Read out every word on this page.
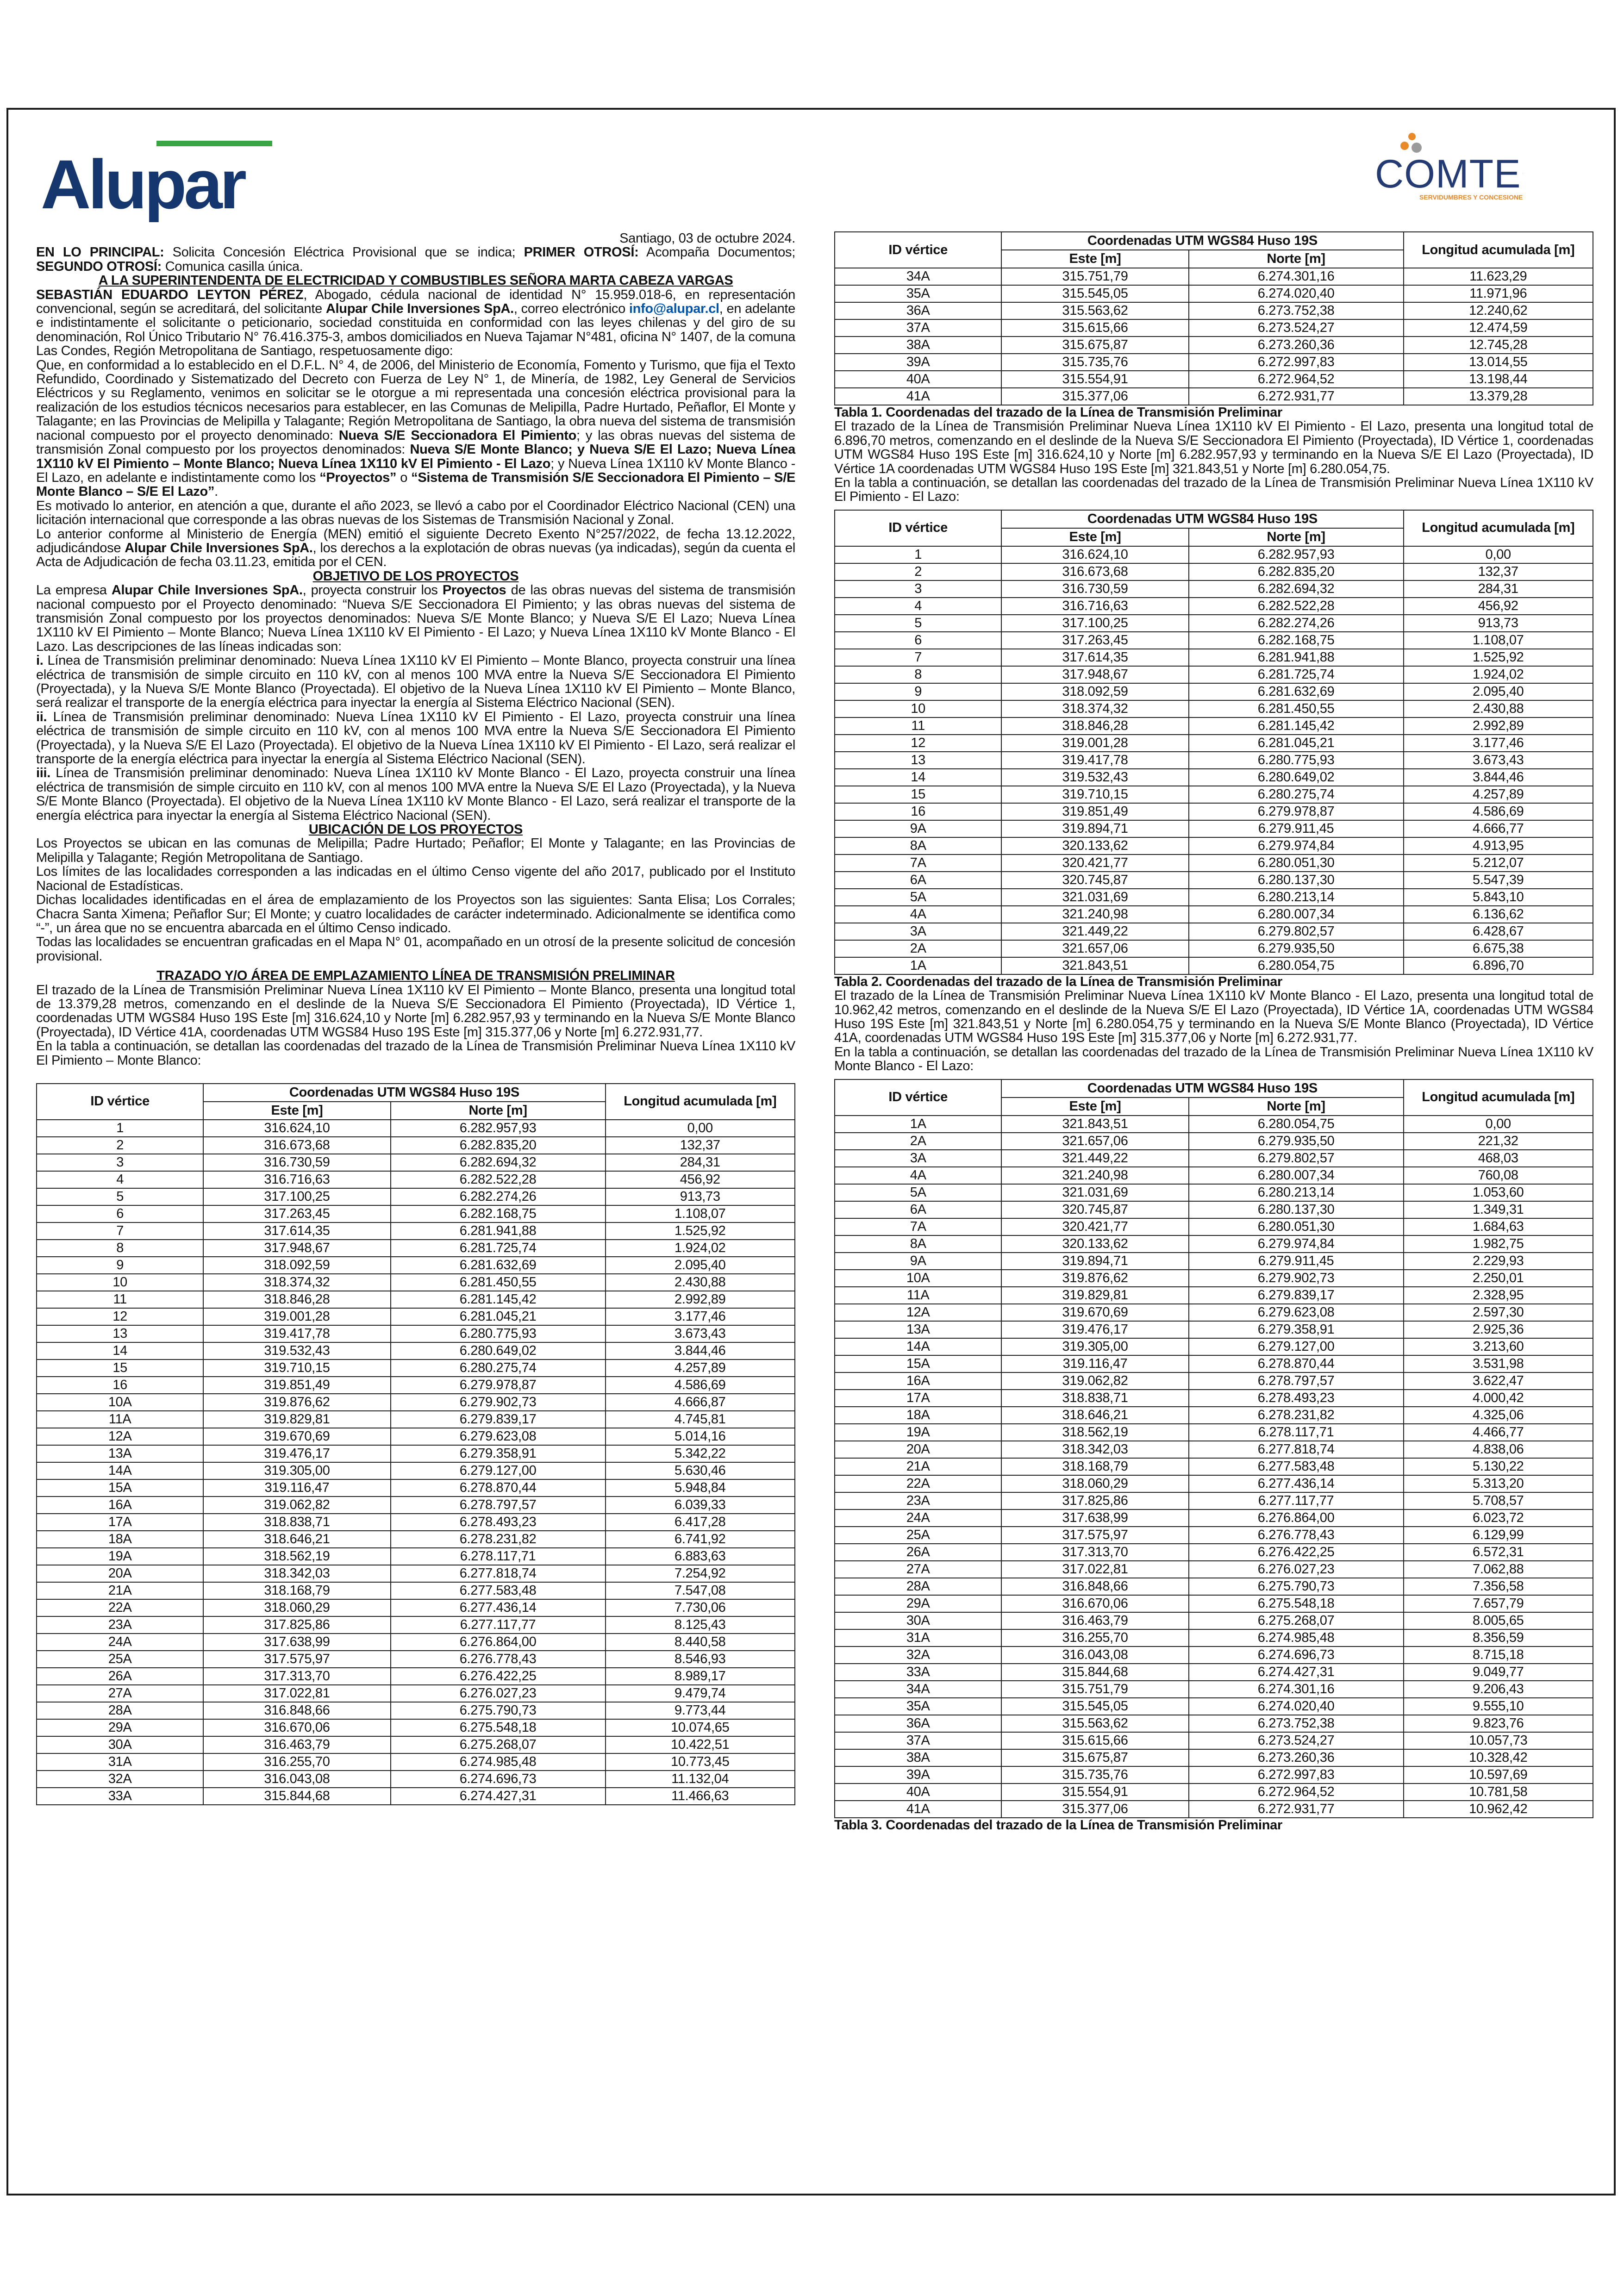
Alupar	COMTE
SERVIDUMBRES Y CONCESIONES

Santiago, 03 de octubre 2024.

EN LO PRINCIPAL: Solicita Concesión Eléctrica Provisional que se indica; PRIMER OTROSÍ: Acompaña Documentos; SEGUNDO OTROSÍ: Comunica casilla única.

A LA SUPERINTENDENTA DE ELECTRICIDAD Y COMBUSTIBLES SEÑORA MARTA CABEZA VARGAS

SEBASTIÁN EDUARDO LEYTON PÉREZ, Abogado, cédula nacional de identidad N° 15.959.018-6, en representación convencional, según se acreditará, del solicitante Alupar Chile Inversiones SpA., correo electrónico info@alupar.cl, en adelante e indistintamente el solicitante o peticionario, sociedad constituida en conformidad con las leyes chilenas y del giro de su denominación, Rol Único Tributario N° 76.416.375-3, ambos domiciliados en Nueva Tajamar N°481, oficina N° 1407, de la comuna Las Condes, Región Metropolitana de Santiago, respetuosamente digo:

Que, en conformidad a lo establecido en el D.F.L. N° 4, de 2006, del Ministerio de Economía, Fomento y Turismo, que fija el Texto Refundido, Coordinado y Sistematizado del Decreto con Fuerza de Ley N° 1, de Minería, de 1982, Ley General de Servicios Eléctricos y su Reglamento, venimos en solicitar se le otorgue a mi representada una concesión eléctrica provisional para la realización de los estudios técnicos necesarios para establecer, en las Comunas de Melipilla, Padre Hurtado, Peñaflor, El Monte y Talagante; en las Provincias de Melipilla y Talagante; Región Metropolitana de Santiago, la obra nueva del sistema de transmisión nacional compuesto por el proyecto denominado: Nueva S/E Seccionadora El Pimiento; y las obras nuevas del sistema de transmisión Zonal compuesto por los proyectos denominados: Nueva S/E Monte Blanco; y Nueva S/E El Lazo; Nueva Línea 1X110 kV El Pimiento – Monte Blanco; Nueva Línea 1X110 kV El Pimiento - El Lazo; y Nueva Línea 1X110 kV Monte Blanco - El Lazo, en adelante e indistintamente como los “Proyectos” o “Sistema de Transmisión S/E Seccionadora El Pimiento – S/E Monte Blanco – S/E El Lazo”.

Es motivado lo anterior, en atención a que, durante el año 2023, se llevó a cabo por el Coordinador Eléctrico Nacional (CEN) una licitación internacional que corresponde a las obras nuevas de los Sistemas de Transmisión Nacional y Zonal.

Lo anterior conforme al Ministerio de Energía (MEN) emitió el siguiente Decreto Exento N°257/2022, de fecha 13.12.2022, adjudicándose Alupar Chile Inversiones SpA., los derechos a la explotación de obras nuevas (ya indicadas), según da cuenta el Acta de Adjudicación de fecha 03.11.23, emitida por el CEN.

OBJETIVO DE LOS PROYECTOS

La empresa Alupar Chile Inversiones SpA., proyecta construir los Proyectos de las obras nuevas del sistema de transmisión nacional compuesto por el Proyecto denominado: “Nueva S/E Seccionadora El Pimiento; y las obras nuevas del sistema de transmisión Zonal compuesto por los proyectos denominados: Nueva S/E Monte Blanco; y Nueva S/E El Lazo; Nueva Línea 1X110 kV El Pimiento – Monte Blanco; Nueva Línea 1X110 kV El Pimiento - El Lazo; y Nueva Línea 1X110 kV Monte Blanco - El Lazo. Las descripciones de las líneas indicadas son:

i. Línea de Transmisión preliminar denominado: Nueva Línea 1X110 kV El Pimiento – Monte Blanco, proyecta construir una línea eléctrica de transmisión de simple circuito en 110 kV, con al menos 100 MVA entre la Nueva S/E Seccionadora El Pimiento (Proyectada), y la Nueva S/E Monte Blanco (Proyectada). El objetivo de la Nueva Línea 1X110 kV El Pimiento – Monte Blanco, será realizar el transporte de la energía eléctrica para inyectar la energía al Sistema Eléctrico Nacional (SEN).

ii. Línea de Transmisión preliminar denominado: Nueva Línea 1X110 kV El Pimiento - El Lazo, proyecta construir una línea eléctrica de transmisión de simple circuito en 110 kV, con al menos 100 MVA entre la Nueva S/E Seccionadora El Pimiento (Proyectada), y la Nueva S/E El Lazo (Proyectada). El objetivo de la Nueva Línea 1X110 kV El Pimiento - El Lazo, será realizar el transporte de la energía eléctrica para inyectar la energía al Sistema Eléctrico Nacional (SEN).

iii. Línea de Transmisión preliminar denominado: Nueva Línea 1X110 kV Monte Blanco - El Lazo, proyecta construir una línea eléctrica de transmisión de simple circuito en 110 kV, con al menos 100 MVA entre la Nueva S/E El Lazo (Proyectada), y la Nueva S/E Monte Blanco (Proyectada). El objetivo de la Nueva Línea 1X110 kV Monte Blanco - El Lazo, será realizar el transporte de la energía eléctrica para inyectar la energía al Sistema Eléctrico Nacional (SEN).

UBICACIÓN DE LOS PROYECTOS

Los Proyectos se ubican en las comunas de Melipilla; Padre Hurtado; Peñaflor; El Monte y Talagante; en las Provincias de Melipilla y Talagante; Región Metropolitana de Santiago.

Los límites de las localidades corresponden a las indicadas en el último Censo vigente del año 2017, publicado por el Instituto Nacional de Estadísticas.

Dichas localidades identificadas en el área de emplazamiento de los Proyectos son las siguientes: Santa Elisa; Los Corrales; Chacra Santa Ximena; Peñaflor Sur; El Monte; y cuatro localidades de carácter indeterminado. Adicionalmente se identifica como “-”, un área que no se encuentra abarcada en el último Censo indicado.

Todas las localidades se encuentran graficadas en el Mapa N° 01, acompañado en un otrosí de la presente solicitud de concesión provisional.

TRAZADO Y/O ÁREA DE EMPLAZAMIENTO LÍNEA DE TRANSMISIÓN PRELIMINAR

El trazado de la Línea de Transmisión Preliminar Nueva Línea 1X110 kV El Pimiento – Monte Blanco, presenta una longitud total de 13.379,28 metros, comenzando en el deslinde de la Nueva S/E Seccionadora El Pimiento (Proyectada), ID Vértice 1, coordenadas UTM WGS84 Huso 19S Este [m] 316.624,10 y Norte [m] 6.282.957,93 y terminando en la Nueva S/E Monte Blanco (Proyectada), ID Vértice 41A, coordenadas UTM WGS84 Huso 19S Este [m] 315.377,06 y Norte [m] 6.272.931,77.

En la tabla a continuación, se detallan las coordenadas del trazado de la Línea de Transmisión Preliminar Nueva Línea 1X110 kV El Pimiento – Monte Blanco:

ID vértice	Coordenadas UTM WGS84 Huso 19S		Longitud acumulada [m]
	Este [m]	Norte [m]	
1	316.624,10	6.282.957,93	0,00
2	316.673,68	6.282.835,20	132,37
3	316.730,59	6.282.694,32	284,31
4	316.716,63	6.282.522,28	456,92
5	317.100,25	6.282.274,26	913,73
6	317.263,45	6.282.168,75	1.108,07
7	317.614,35	6.281.941,88	1.525,92
8	317.948,67	6.281.725,74	1.924,02
9	318.092,59	6.281.632,69	2.095,40
10	318.374,32	6.281.450,55	2.430,88
11	318.846,28	6.281.145,42	2.992,89
12	319.001,28	6.281.045,21	3.177,46
13	319.417,78	6.280.775,93	3.673,43
14	319.532,43	6.280.649,02	3.844,46
15	319.710,15	6.280.275,74	4.257,89
16	319.851,49	6.279.978,87	4.586,69
10A	319.876,62	6.279.902,73	4.666,87
11A	319.829,81	6.279.839,17	4.745,81
12A	319.670,69	6.279.623,08	5.014,16
13A	319.476,17	6.279.358,91	5.342,22
14A	319.305,00	6.279.127,00	5.630,46
15A	319.116,47	6.278.870,44	5.948,84
16A	319.062,82	6.278.797,57	6.039,33
17A	318.838,71	6.278.493,23	6.417,28
18A	318.646,21	6.278.231,82	6.741,92
19A	318.562,19	6.278.117,71	6.883,63
20A	318.342,03	6.277.818,74	7.254,92
21A	318.168,79	6.277.583,48	7.547,08
22A	318.060,29	6.277.436,14	7.730,06
23A	317.825,86	6.277.117,77	8.125,43
24A	317.638,99	6.276.864,00	8.440,58
25A	317.575,97	6.276.778,43	8.546,93
26A	317.313,70	6.276.422,25	8.989,17
27A	317.022,81	6.276.027,23	9.479,74
28A	316.848,66	6.275.790,73	9.773,44
29A	316.670,06	6.275.548,18	10.074,65
30A	316.463,79	6.275.268,07	10.422,51
31A	316.255,70	6.274.985,48	10.773,45
32A	316.043,08	6.274.696,73	11.132,04
33A	315.844,68	6.274.427,31	11.466,63
ID vértice	Coordenadas UTM WGS84 Huso 19S		Longitud acumulada [m]
	Este [m]	Norte [m]	
34A	315.751,79	6.274.301,16	11.623,29
35A	315.545,05	6.274.020,40	11.971,96
36A	315.563,62	6.273.752,38	12.240,62
37A	315.615,66	6.273.524,27	12.474,59
38A	315.675,87	6.273.260,36	12.745,28
39A	315.735,76	6.272.997,83	13.014,55
40A	315.554,91	6.272.964,52	13.198,44
41A	315.377,06	6.272.931,77	13.379,28

Tabla 1. Coordenadas del trazado de la Línea de Transmisión Preliminar

El trazado de la Línea de Transmisión Preliminar Nueva Línea 1X110 kV El Pimiento - El Lazo, presenta una longitud total de 6.896,70 metros, comenzando en el deslinde de la Nueva S/E Seccionadora El Pimiento (Proyectada), ID Vértice 1, coordenadas UTM WGS84 Huso 19S Este [m] 316.624,10 y Norte [m] 6.282.957,93 y terminando en la Nueva S/E El Lazo (Proyectada), ID Vértice 1A coordenadas UTM WGS84 Huso 19S Este [m] 321.843,51 y Norte [m] 6.280.054,75.

En la tabla a continuación, se detallan las coordenadas del trazado de la Línea de Transmisión Preliminar Nueva Línea 1X110 kV El Pimiento - El Lazo:

ID vértice	Coordenadas UTM WGS84 Huso 19S		Longitud acumulada [m]
	Este [m]	Norte [m]	
1	316.624,10	6.282.957,93	0,00
2	316.673,68	6.282.835,20	132,37
3	316.730,59	6.282.694,32	284,31
4	316.716,63	6.282.522,28	456,92
5	317.100,25	6.282.274,26	913,73
6	317.263,45	6.282.168,75	1.108,07
7	317.614,35	6.281.941,88	1.525,92
8	317.948,67	6.281.725,74	1.924,02
9	318.092,59	6.281.632,69	2.095,40
10	318.374,32	6.281.450,55	2.430,88
11	318.846,28	6.281.145,42	2.992,89
12	319.001,28	6.281.045,21	3.177,46
13	319.417,78	6.280.775,93	3.673,43
14	319.532,43	6.280.649,02	3.844,46
15	319.710,15	6.280.275,74	4.257,89
16	319.851,49	6.279.978,87	4.586,69
9A	319.894,71	6.279.911,45	4.666,77
8A	320.133,62	6.279.974,84	4.913,95
7A	320.421,77	6.280.051,30	5.212,07
6A	320.745,87	6.280.137,30	5.547,39
5A	321.031,69	6.280.213,14	5.843,10
4A	321.240,98	6.280.007,34	6.136,62
3A	321.449,22	6.279.802,57	6.428,67
2A	321.657,06	6.279.935,50	6.675,38
1A	321.843,51	6.280.054,75	6.896,70

Tabla 2. Coordenadas del trazado de la Línea de Transmisión Preliminar

El trazado de la Línea de Transmisión Preliminar Nueva Línea 1X110 kV Monte Blanco - El Lazo, presenta una longitud total de 10.962,42 metros, comenzando en el deslinde de la Nueva S/E El Lazo (Proyectada), ID Vértice 1A, coordenadas UTM WGS84 Huso 19S Este [m] 321.843,51 y Norte [m] 6.280.054,75 y terminando en la Nueva S/E Monte Blanco (Proyectada), ID Vértice 41A, coordenadas UTM WGS84 Huso 19S Este [m] 315.377,06 y Norte [m] 6.272.931,77.

En la tabla a continuación, se detallan las coordenadas del trazado de la Línea de Transmisión Preliminar Nueva Línea 1X110 kV Monte Blanco - El Lazo:

ID vértice	Coordenadas UTM WGS84 Huso 19S		Longitud acumulada [m]
	Este [m]	Norte [m]	
1A	321.843,51	6.280.054,75	0,00
2A	321.657,06	6.279.935,50	221,32
3A	321.449,22	6.279.802,57	468,03
4A	321.240,98	6.280.007,34	760,08
5A	321.031,69	6.280.213,14	1.053,60
6A	320.745,87	6.280.137,30	1.349,31
7A	320.421,77	6.280.051,30	1.684,63
8A	320.133,62	6.279.974,84	1.982,75
9A	319.894,71	6.279.911,45	2.229,93
10A	319.876,62	6.279.902,73	2.250,01
11A	319.829,81	6.279.839,17	2.328,95
12A	319.670,69	6.279.623,08	2.597,30
13A	319.476,17	6.279.358,91	2.925,36
14A	319.305,00	6.279.127,00	3.213,60
15A	319.116,47	6.278.870,44	3.531,98
16A	319.062,82	6.278.797,57	3.622,47
17A	318.838,71	6.278.493,23	4.000,42
18A	318.646,21	6.278.231,82	4.325,06
19A	318.562,19	6.278.117,71	4.466,77
20A	318.342,03	6.277.818,74	4.838,06
21A	318.168,79	6.277.583,48	5.130,22
22A	318.060,29	6.277.436,14	5.313,20
23A	317.825,86	6.277.117,77	5.708,57
24A	317.638,99	6.276.864,00	6.023,72
25A	317.575,97	6.276.778,43	6.129,99
26A	317.313,70	6.276.422,25	6.572,31
27A	317.022,81	6.276.027,23	7.062,88
28A	316.848,66	6.275.790,73	7.356,58
29A	316.670,06	6.275.548,18	7.657,79
30A	316.463,79	6.275.268,07	8.005,65
31A	316.255,70	6.274.985,48	8.356,59
32A	316.043,08	6.274.696,73	8.715,18
33A	315.844,68	6.274.427,31	9.049,77
34A	315.751,79	6.274.301,16	9.206,43
35A	315.545,05	6.274.020,40	9.555,10
36A	315.563,62	6.273.752,38	9.823,76
37A	315.615,66	6.273.524,27	10.057,73
38A	315.675,87	6.273.260,36	10.328,42
39A	315.735,76	6.272.997,83	10.597,69
40A	315.554,91	6.272.964,52	10.781,58
41A	315.377,06	6.272.931,77	10.962,42

Tabla 3. Coordenadas del trazado de la Línea de Transmisión Preliminar
